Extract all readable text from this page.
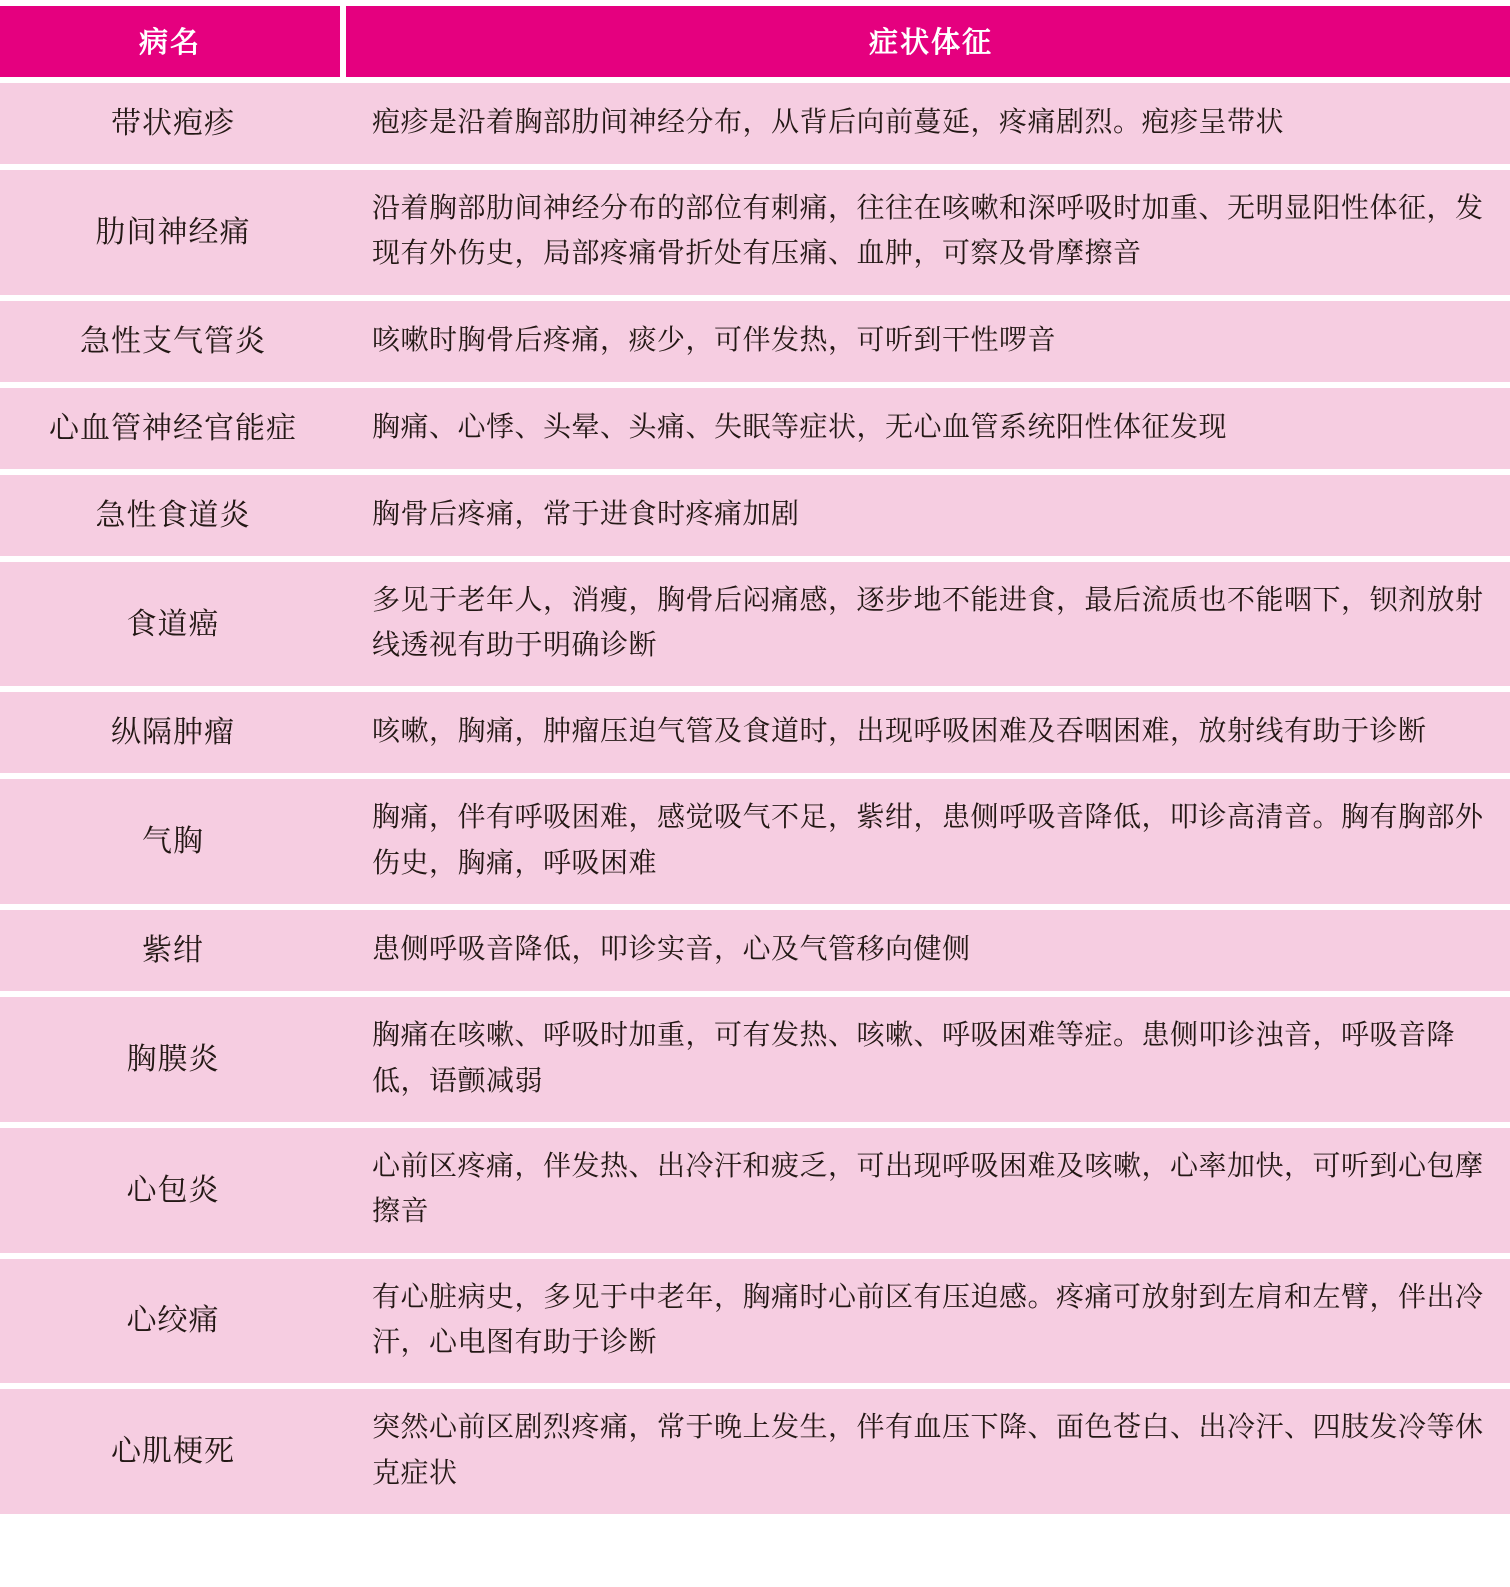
病名	症状体征
带状疱疹	疱疹是沿着胸部肋间神经分布，从背后向前蔓延，疼痛剧烈。疱疹呈带状
肋间神经痛	沿着胸部肋间神经分布的部位有刺痛，往往在咳嗽和深呼吸时加重、无明显阳性体征，发现有外伤史，局部疼痛骨折处有压痛、血肿，可察及骨摩擦音
急性支气管炎	咳嗽时胸骨后疼痛，痰少，可伴发热，可听到干性啰音
心血管神经官能症	胸痛、心悸、头晕、头痛、失眠等症状，无心血管系统阳性体征发现
急性食道炎	胸骨后疼痛，常于进食时疼痛加剧
食道癌	多见于老年人，消瘦，胸骨后闷痛感，逐步地不能进食，最后流质也不能咽下，钡剂放射线透视有助于明确诊断
纵隔肿瘤	咳嗽，胸痛，肿瘤压迫气管及食道时，出现呼吸困难及吞咽困难，放射线有助于诊断
气胸	胸痛，伴有呼吸困难，感觉吸气不足，紫绀，患侧呼吸音降低，叩诊高清音。胸有胸部外伤史，胸痛，呼吸困难
紫绀	患侧呼吸音降低，叩诊实音，心及气管移向健侧
胸膜炎	胸痛在咳嗽、呼吸时加重，可有发热、咳嗽、呼吸困难等症。患侧叩诊浊音，呼吸音降低，语颤减弱
心包炎	心前区疼痛，伴发热、出冷汗和疲乏，可出现呼吸困难及咳嗽，心率加快，可听到心包摩擦音
心绞痛	有心脏病史，多见于中老年，胸痛时心前区有压迫感。疼痛可放射到左肩和左臂，伴出冷汗，心电图有助于诊断
心肌梗死	突然心前区剧烈疼痛，常于晚上发生，伴有血压下降、面色苍白、出冷汗、四肢发冷等休克症状
